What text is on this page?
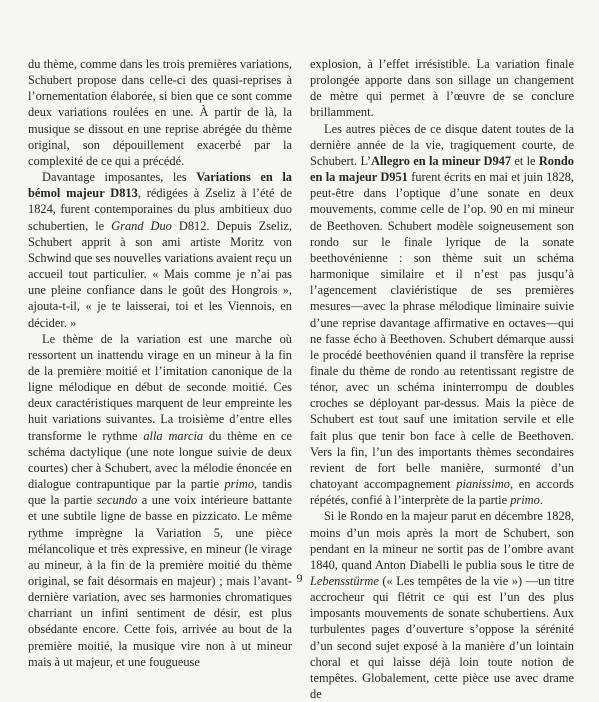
du thème, comme dans les trois premières variations, Schubert propose dans celle-ci des quasi-reprises à l’ornementation élaborée, si bien que ce sont comme deux variations roulées en une. À partir de là, la musique se dissout en une reprise abrégée du thème original, son dépouillement exacerbé par la complexité de ce qui a précédé.

Davantage imposantes, les Variations en la bémol majeur D813, rédigées à Zseliz à l’été de 1824, furent contemporaines du plus ambitieux duo schubertien, le Grand Duo D812. Depuis Zseliz, Schubert apprit à son ami artiste Moritz von Schwind que ses nouvelles variations avaient reçu un accueil tout particulier. « Mais comme je n’ai pas une pleine confiance dans le goût des Hongrois », ajouta-t-il, « je te laisserai, toi et les Viennois, en décider. »

Le thème de la variation est une marche où ressortent un inattendu virage en un mineur à la fin de la première moitié et l’imitation canonique de la ligne mélodique en début de seconde moitié. Ces deux caractéristiques marquent de leur empreinte les huit variations suivantes. La troisième d’entre elles transforme le rythme alla marcia du thème en ce schéma dactylique (une note longue suivie de deux courtes) cher à Schubert, avec la mélodie énoncée en dialogue contrapuntique par la partie primo, tandis que la partie secundo a une voix intérieure battante et une subtile ligne de basse en pizzicato. Le même rythme imprègne la Variation 5, une pièce mélancolique et très expressive, en mineur (le virage au mineur, à la fin de la première moitié du thème original, se fait désormais en majeur) ; mais l’avant-dernière variation, avec ses harmonies chromatiques charriant un infini sentiment de désir, est plus obsédante encore. Cette fois, arrivée au bout de la première moitié, la musique vire non à ut mineur mais à ut majeur, et une fougueuse

explosion, à l’effet irrésistible. La variation finale prolongée apporte dans son sillage un changement de mètre qui permet à l’œuvre de se conclure brillamment.

Les autres pièces de ce disque datent toutes de la dernière année de la vie, tragiquement courte, de Schubert. L’Allegro en la mineur D947 et le Rondo en la majeur D951 furent écrits en mai et juin 1828, peut-être dans l’optique d’une sonate en deux mouvements, comme celle de l’op. 90 en mi mineur de Beethoven. Schubert modèle soigneusement son rondo sur le finale lyrique de la sonate beethovénienne : son thème suit un schéma harmonique similaire et il n’est pas jusqu’à l’agencement claviéristique de ses premières mesures—avec la phrase mélodique liminaire suivie d’une reprise davantage affirmative en octaves—qui ne fasse écho à Beethoven. Schubert démarque aussi le procédé beethovénien quand il transfère la reprise finale du thème de rondo au retentissant registre de ténor, avec un schéma ininterrompu de doubles croches se déployant par-dessus. Mais la pièce de Schubert est tout sauf une imitation servile et elle fait plus que tenir bon face à celle de Beethoven. Vers la fin, l’un des importants thèmes secondaires revient de fort belle manière, surmonté d’un chatoyant accompagnement pianissimo, en accords répétés, confié à l’interprète de la partie primo.

Si le Rondo en la majeur parut en décembre 1828, moins d’un mois après la mort de Schubert, son pendant en la mineur ne sortit pas de l’ombre avant 1840, quand Anton Diabelli le publia sous le titre de Lebensstürme (« Les tempêtes de la vie ») —un titre accrocheur qui flétrit ce qui est l’un des plus imposants mouvements de sonate schubertiens. Aux turbulentes pages d’ouverture s’oppose la sérénité d’un second sujet exposé à la manière d’un lointain choral et qui laisse déjà loin toute notion de tempêtes. Globalement, cette pièce use avec drame de

9
